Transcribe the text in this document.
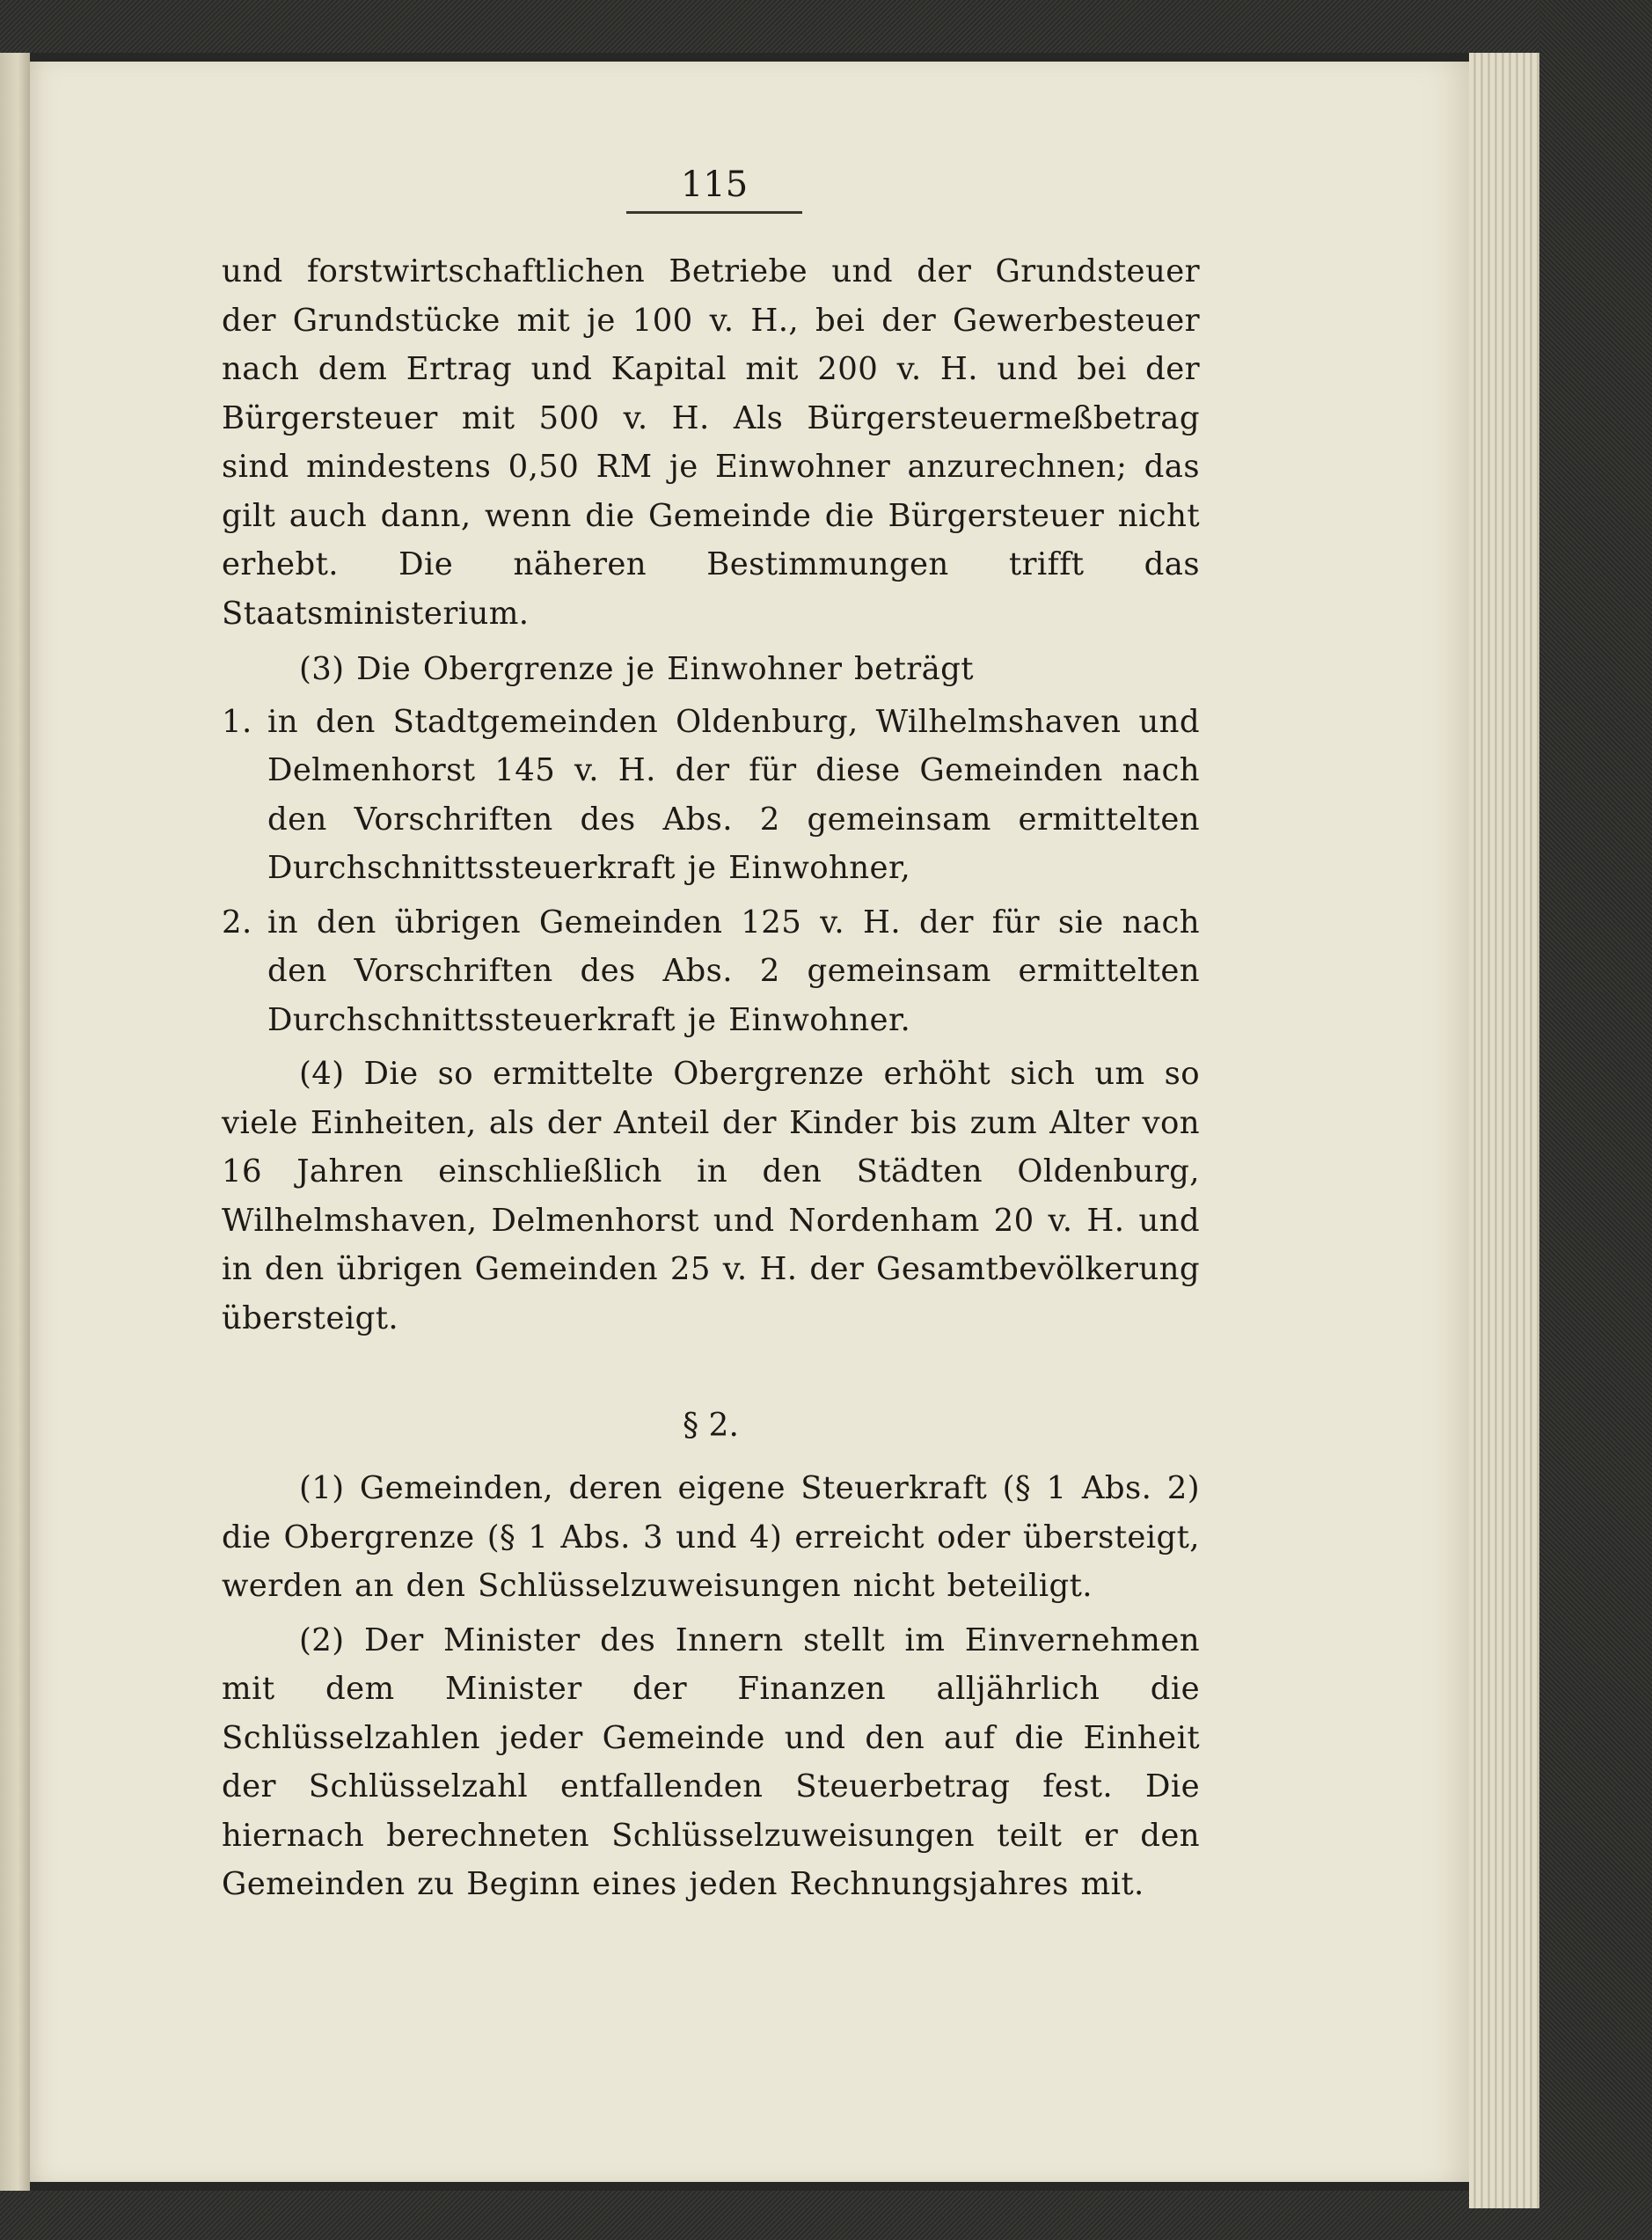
115

und forstwirtschaftlichen Betriebe und der Grundsteuer der Grundstücke mit je 100 v. H., bei der Gewerbesteuer nach dem Ertrag und Kapital mit 200 v. H. und bei der Bürgersteuer mit 500 v. H. Als Bürgersteuermeßbetrag sind mindestens 0,50 RM je Einwohner anzurechnen; das gilt auch dann, wenn die Gemeinde die Bürgersteuer nicht erhebt. Die näheren Bestimmungen trifft das Staatsministerium.

(3) Die Obergrenze je Einwohner beträgt

1. in den Stadtgemeinden Oldenburg, Wilhelmshaven und Delmenhorst 145 v. H. der für diese Gemeinden nach den Vorschriften des Abs. 2 gemeinsam ermittelten Durchschnittssteuerkraft je Einwohner,
2. in den übrigen Gemeinden 125 v. H. der für sie nach den Vorschriften des Abs. 2 gemeinsam ermittelten Durchschnittssteuerkraft je Einwohner.

(4) Die so ermittelte Obergrenze erhöht sich um so viele Einheiten, als der Anteil der Kinder bis zum Alter von 16 Jahren einschließlich in den Städten Oldenburg, Wilhelmshaven, Delmenhorst und Nordenham 20 v. H. und in den übrigen Gemeinden 25 v. H. der Gesamtbevölkerung übersteigt.

§ 2.

(1) Gemeinden, deren eigene Steuerkraft (§ 1 Abs. 2) die Obergrenze (§ 1 Abs. 3 und 4) erreicht oder übersteigt, werden an den Schlüsselzuweisungen nicht beteiligt.

(2) Der Minister des Innern stellt im Einvernehmen mit dem Minister der Finanzen alljährlich die Schlüsselzahlen jeder Gemeinde und den auf die Einheit der Schlüsselzahl entfallenden Steuerbetrag fest. Die hiernach berechneten Schlüsselzuweisungen teilt er den Gemeinden zu Beginn eines jeden Rechnungsjahres mit.
